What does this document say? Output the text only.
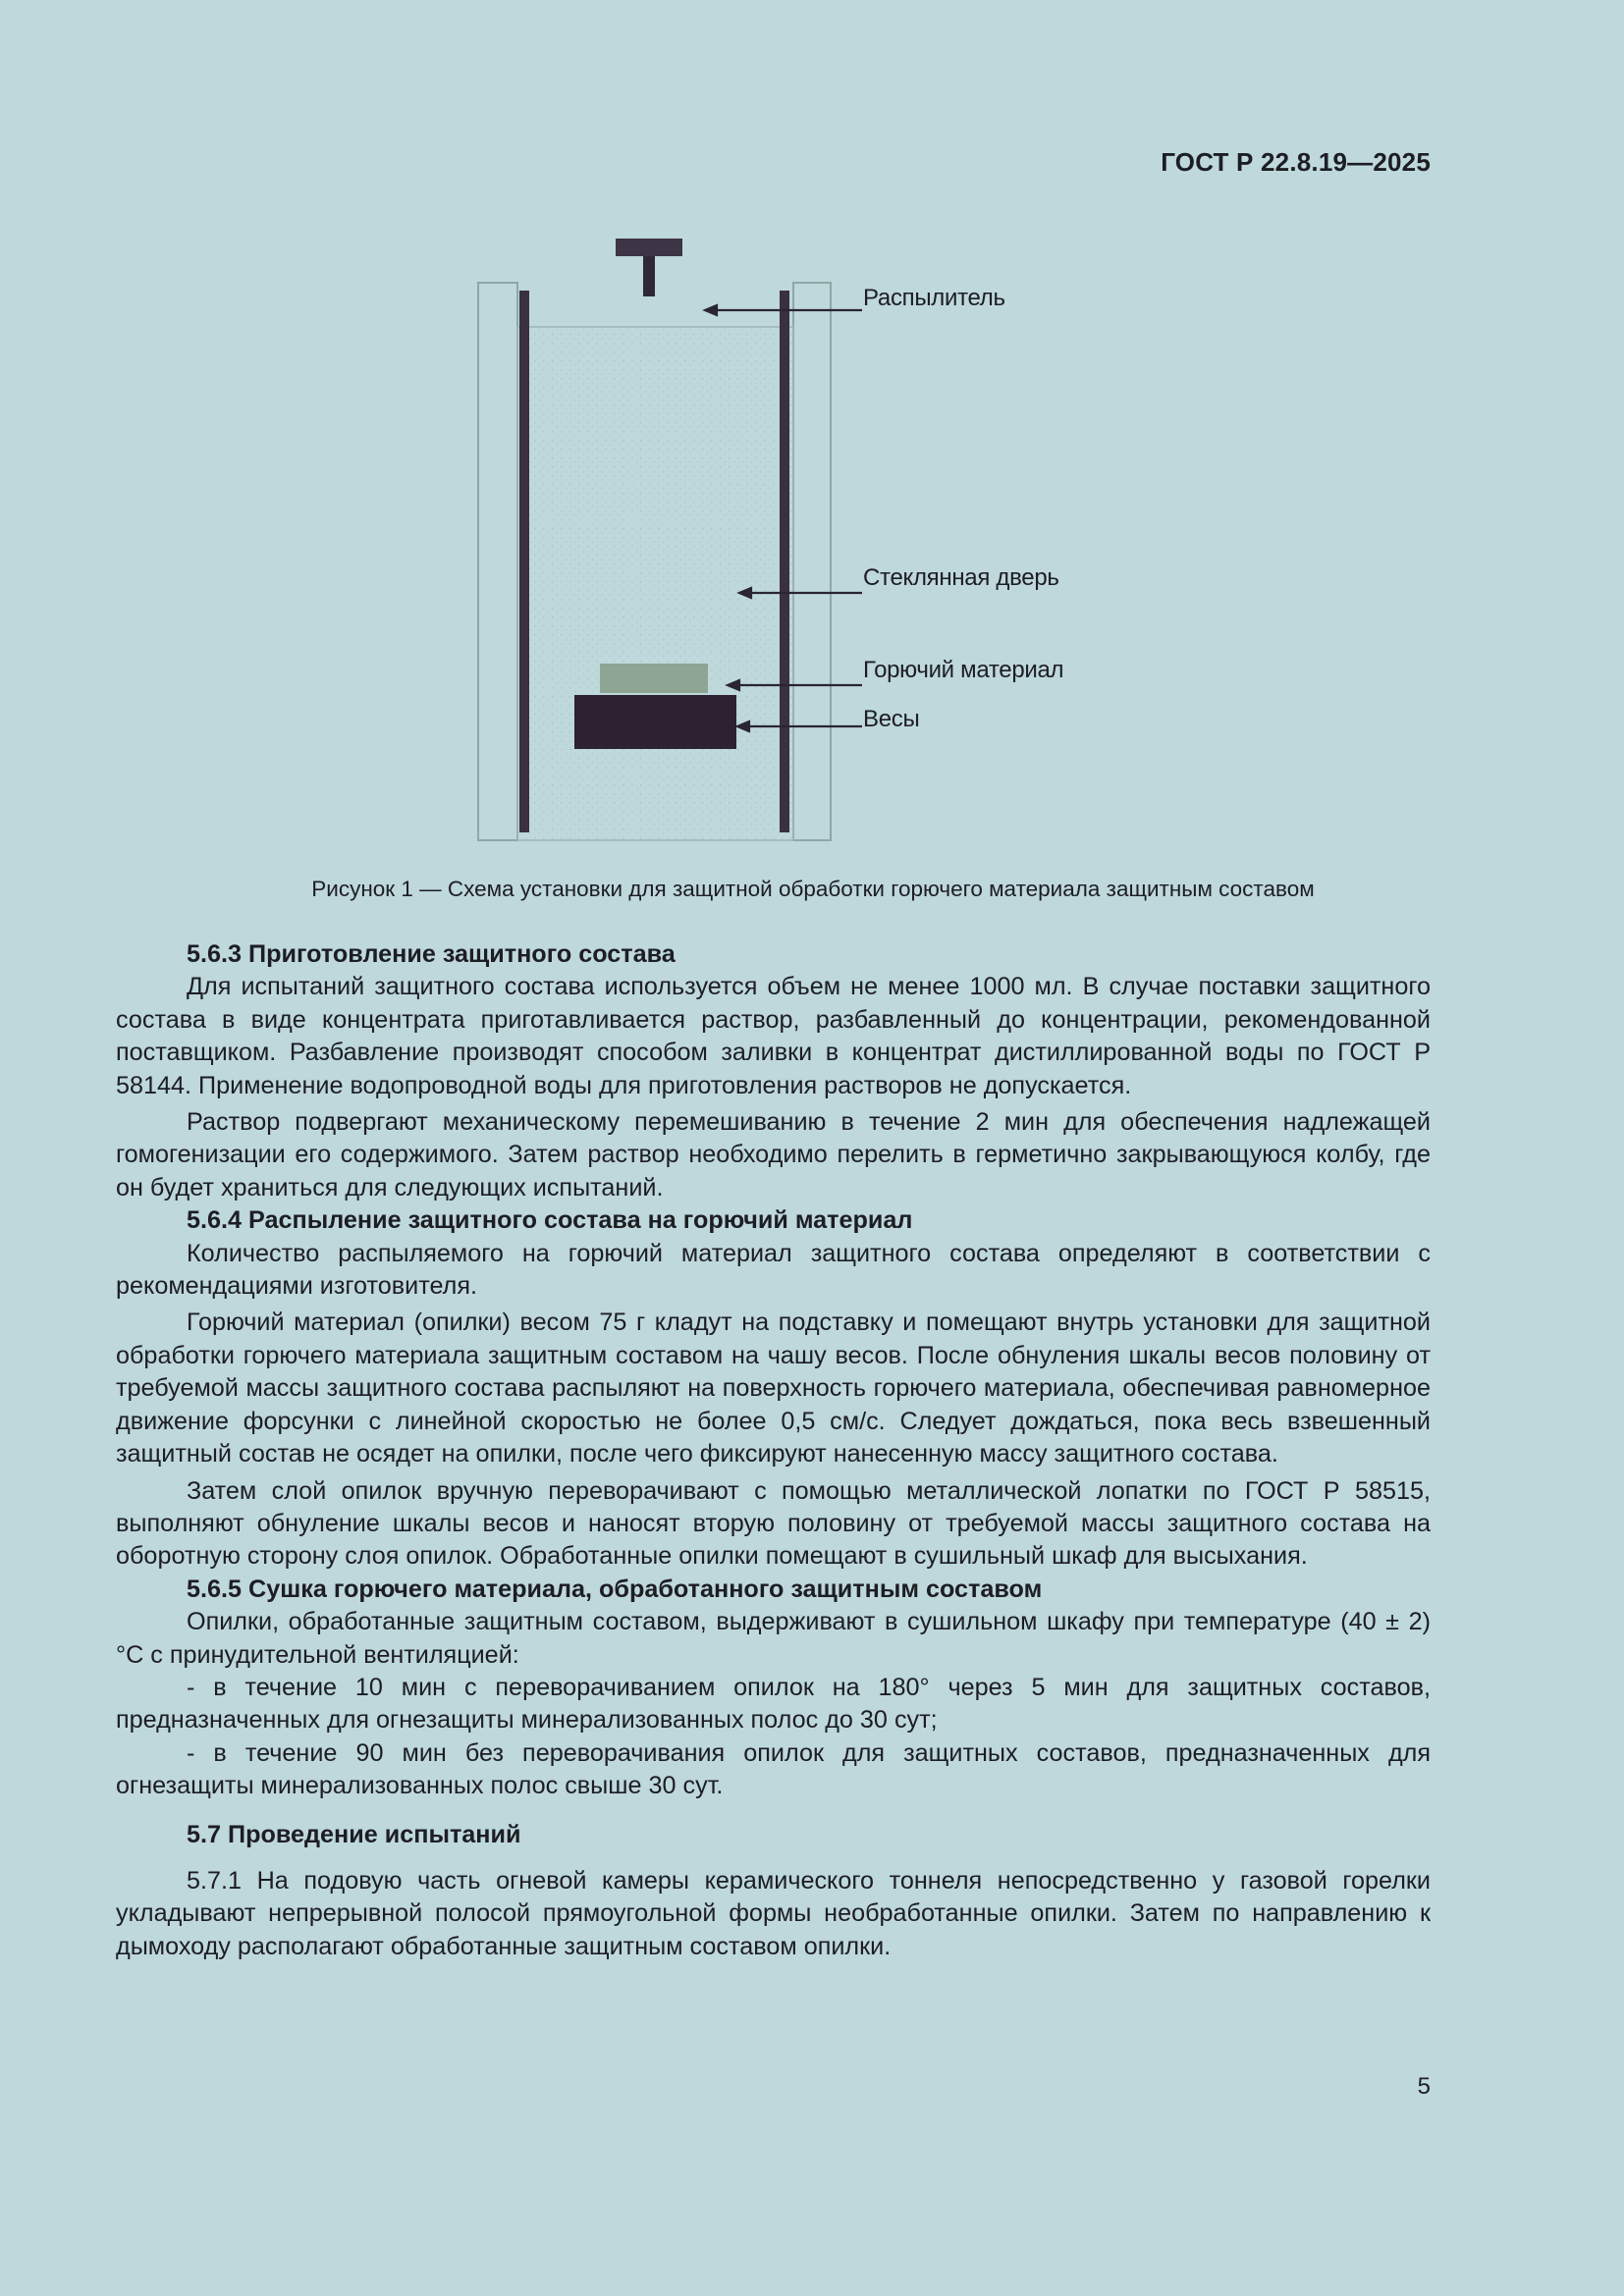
ГОСТ Р 22.8.19—2025
Распылитель
Стеклянная дверь
Горючий материал
Весы
Рисунок 1 — Схема установки для защитной обработки горючего материала защитным составом

5.6.3 Приготовление защитного состава

Для испытаний защитного состава используется объем не менее 1000 мл. В случае поставки защитного состава в виде концентрата приготавливается раствор, разбавленный до концентрации, рекомендованной поставщиком. Разбавление производят способом заливки в концентрат дистиллированной воды по ГОСТ Р 58144. Применение водопроводной воды для приготовления растворов не допускается.

Раствор подвергают механическому перемешиванию в течение 2 мин для обеспечения надлежащей гомогенизации его содержимого. Затем раствор необходимо перелить в герметично закрывающуюся колбу, где он будет храниться для следующих испытаний.

5.6.4 Распыление защитного состава на горючий материал

Количество распыляемого на горючий материал защитного состава определяют в соответствии с рекомендациями изготовителя.

Горючий материал (опилки) весом 75 г кладут на подставку и помещают внутрь установки для защитной обработки горючего материала защитным составом на чашу весов. После обнуления шкалы весов половину от требуемой массы защитного состава распыляют на поверхность горючего материала, обеспечивая равномерное движение форсунки с линейной скоростью не более 0,5 см/с. Следует дождаться, пока весь взвешенный защитный состав не осядет на опилки, после чего фиксируют нанесенную массу защитного состава.

Затем слой опилок вручную переворачивают с помощью металлической лопатки по ГОСТ Р 58515, выполняют обнуление шкалы весов и наносят вторую половину от требуемой массы защитного состава на оборотную сторону слоя опилок. Обработанные опилки помещают в сушильный шкаф для высыхания.

5.6.5 Сушка горючего материала, обработанного защитным составом

Опилки, обработанные защитным составом, выдерживают в сушильном шкафу при температуре (40 ± 2) °С с принудительной вентиляцией:

- в течение 10 мин с переворачиванием опилок на 180° через 5 мин для защитных составов, предназначенных для огнезащиты минерализованных полос до 30 сут;

- в течение 90 мин без переворачивания опилок для защитных составов, предназначенных для огнезащиты минерализованных полос свыше 30 сут.

5.7 Проведение испытаний

5.7.1 На подовую часть огневой камеры керамического тоннеля непосредственно у газовой горелки укладывают непрерывной полосой прямоугольной формы необработанные опилки. Затем по направлению к дымоходу располагают обработанные защитным составом опилки.

5
